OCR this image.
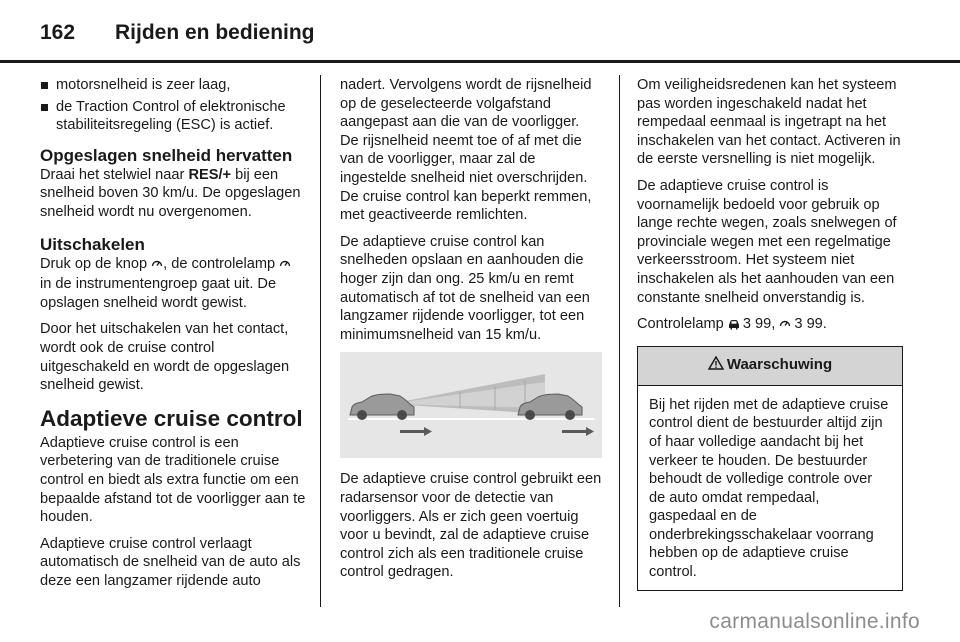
162	Rijden en bediening
motorsnelheid is zeer laag,
de Traction Control of elektronische stabiliteitsregeling (ESC) is actief.
Opgeslagen snelheid hervatten

Draai het stelwiel naar RES/+ bij een snelheid boven 30 km/u. De opgeslagen snelheid wordt nu overgenomen.

Uitschakelen

Druk op de knop , de controlelamp  in de instrumentengroep gaat uit. De opslagen snelheid wordt gewist.

Door het uitschakelen van het contact, wordt ook de cruise control uitgeschakeld en wordt de opgeslagen snelheid gewist.

Adaptieve cruise control

Adaptieve cruise control is een verbetering van de traditionele cruise control en biedt als extra functie om een bepaalde afstand tot de voorligger aan te houden.

Adaptieve cruise control verlaagt automatisch de snelheid van de auto als deze een langzamer rijdende auto

nadert. Vervolgens wordt de rijsnelheid op de geselecteerde volgafstand aangepast aan die van de voorligger. De rijsnelheid neemt toe of af met die van de voorligger, maar zal de ingestelde snelheid niet overschrijden. De cruise control kan beperkt remmen, met geactiveerde remlichten.

De adaptieve cruise control kan snelheden opslaan en aanhouden die hoger zijn dan ong. 25 km/u en remt automatisch af tot de snelheid van een langzamer rijdende voorligger, tot een minimumsnelheid van 15 km/u.

De adaptieve cruise control gebruikt een radarsensor voor de detectie van voorliggers. Als er zich geen voertuig voor u bevindt, zal de adaptieve cruise control zich als een traditionele cruise control gedragen.

Om veiligheidsredenen kan het systeem pas worden ingeschakeld nadat het rempedaal eenmaal is ingetrapt na het inschakelen van het contact. Activeren in de eerste versnelling is niet mogelijk.

De adaptieve cruise control is voornamelijk bedoeld voor gebruik op lange rechte wegen, zoals snelwegen of provinciale wegen met een regelmatige verkeersstroom. Het systeem niet inschakelen als het aanhouden van een constante snelheid onverstandig is.

Controlelamp 3 99, 3 99.

Waarschuwing
Bij het rijden met de adaptieve cruise control dient de bestuurder altijd zijn of haar volledige aandacht bij het verkeer te houden. De bestuurder behoudt de volledige controle over de auto omdat rempedaal, gaspedaal en de onderbrekingsschakelaar voorrang hebben op de adaptieve cruise control.
carmanualsonline.info
